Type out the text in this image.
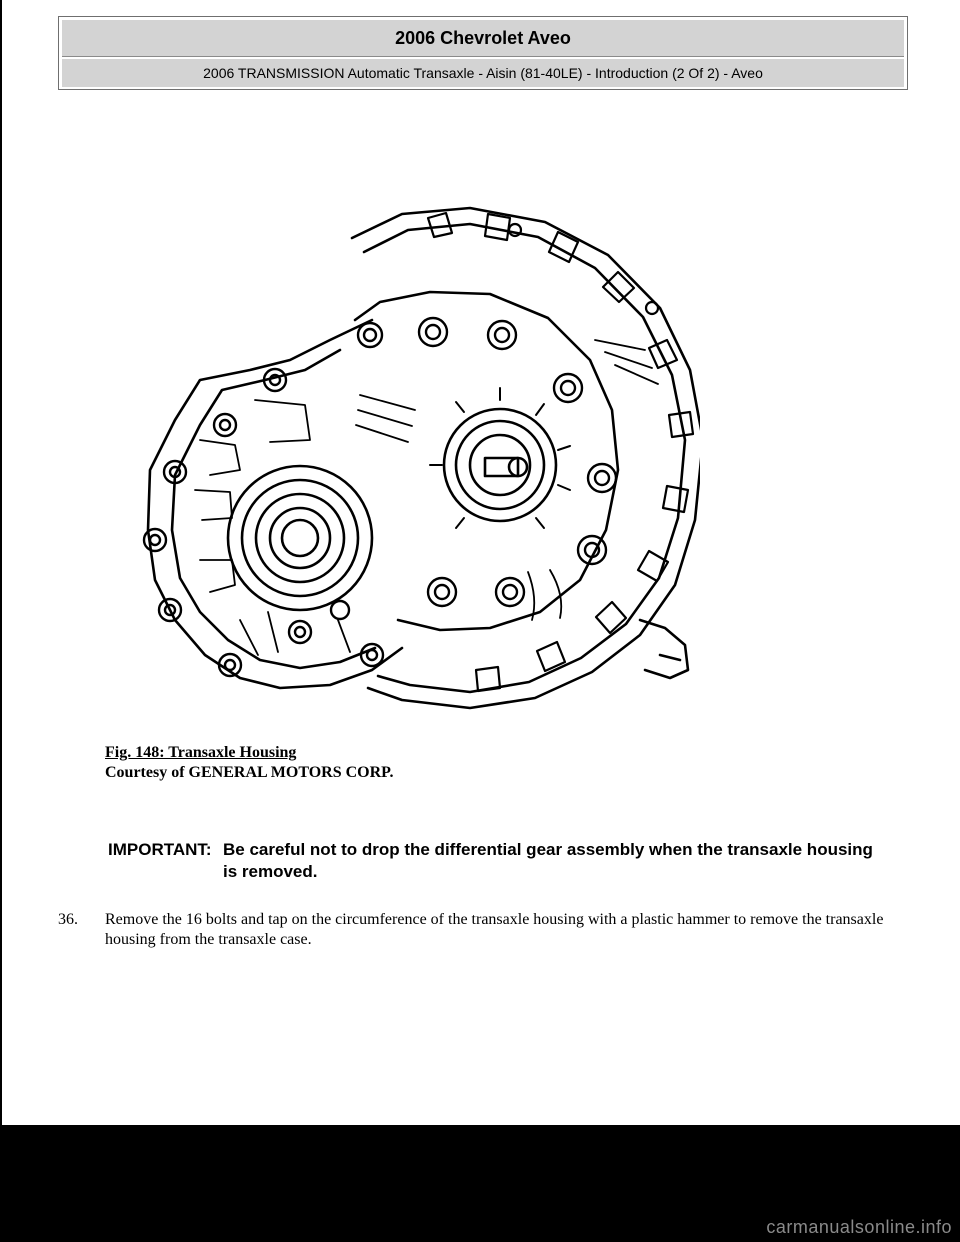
2006 Chevrolet Aveo
2006 TRANSMISSION Automatic Transaxle - Aisin (81-40LE) - Introduction (2 Of 2) - Aveo
Fig. 148: Transaxle Housing
Courtesy of GENERAL MOTORS CORP.
IMPORTANT: Be careful not to drop the differential gear assembly when the transaxle housing is removed.
36. Remove the 16 bolts and tap on the circumference of the transaxle housing with a plastic hammer to remove the transaxle housing from the transaxle case.
carmanualsonline.info
